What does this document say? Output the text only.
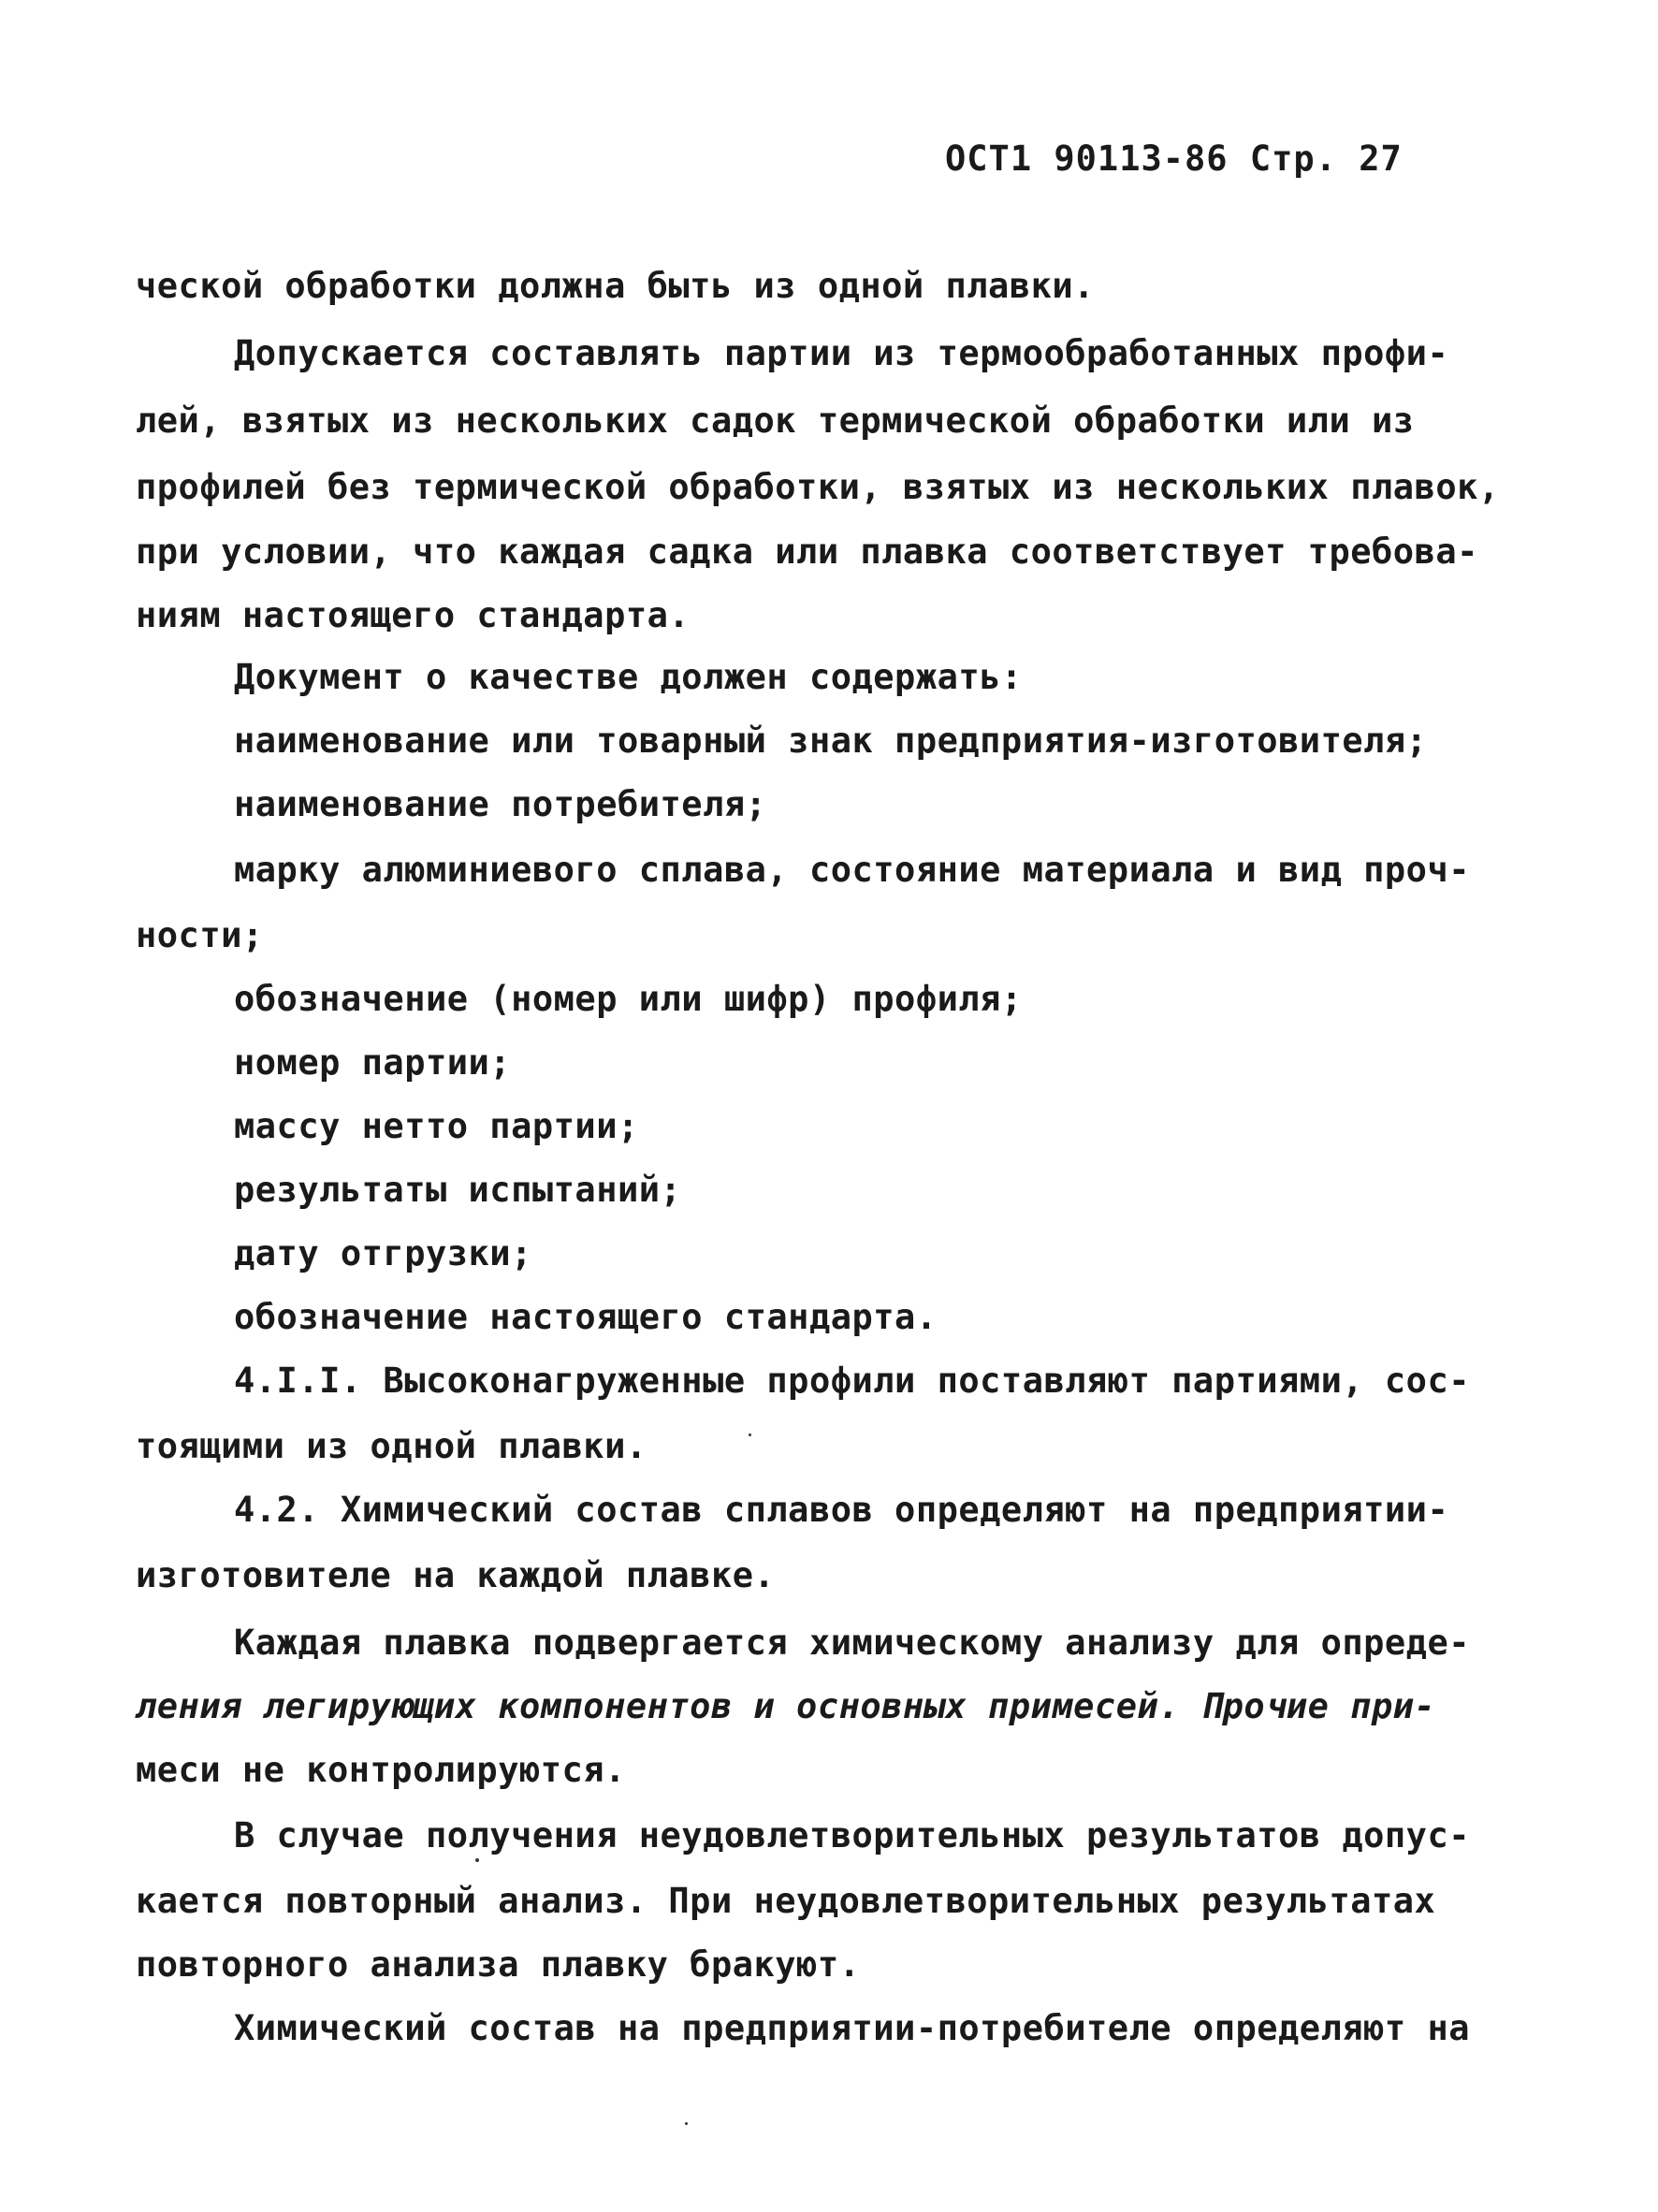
ОСТ1 90113-86 Стр. 27
ческой обработки должна быть из одной плавки.
Допускается составлять партии из термообработанных профи-
лей, взятых из нескольких садок термической обработки или из
профилей без термической обработки, взятых из нескольких плавок,
при условии, что каждая садка или плавка соответствует требова-
ниям настоящего стандарта.
Документ о качестве должен содержать:
наименование или товарный знак предприятия-изготовителя;
наименование потребителя;
марку алюминиевого сплава, состояние материала и вид проч-
ности;
обозначение (номер или шифр) профиля;
номер партии;
массу нетто партии;
результаты испытаний;
дату отгрузки;
обозначение настоящего стандарта.
4.I.I. Высоконагруженные профили поставляют партиями, сос-
тоящими из одной плавки.
4.2. Химический состав сплавов определяют на предприятии-
изготовителе на каждой плавке.
Каждая плавка подвергается химическому анализу для опреде-
ления легирующих компонентов и основных примесей. Прочие при-
меси не контролируются.
В случае получения неудовлетворительных результатов допус-
кается повторный анализ. При неудовлетворительных результатах
повторного анализа плавку бракуют.
Химический состав на предприятии-потребителе определяют на
